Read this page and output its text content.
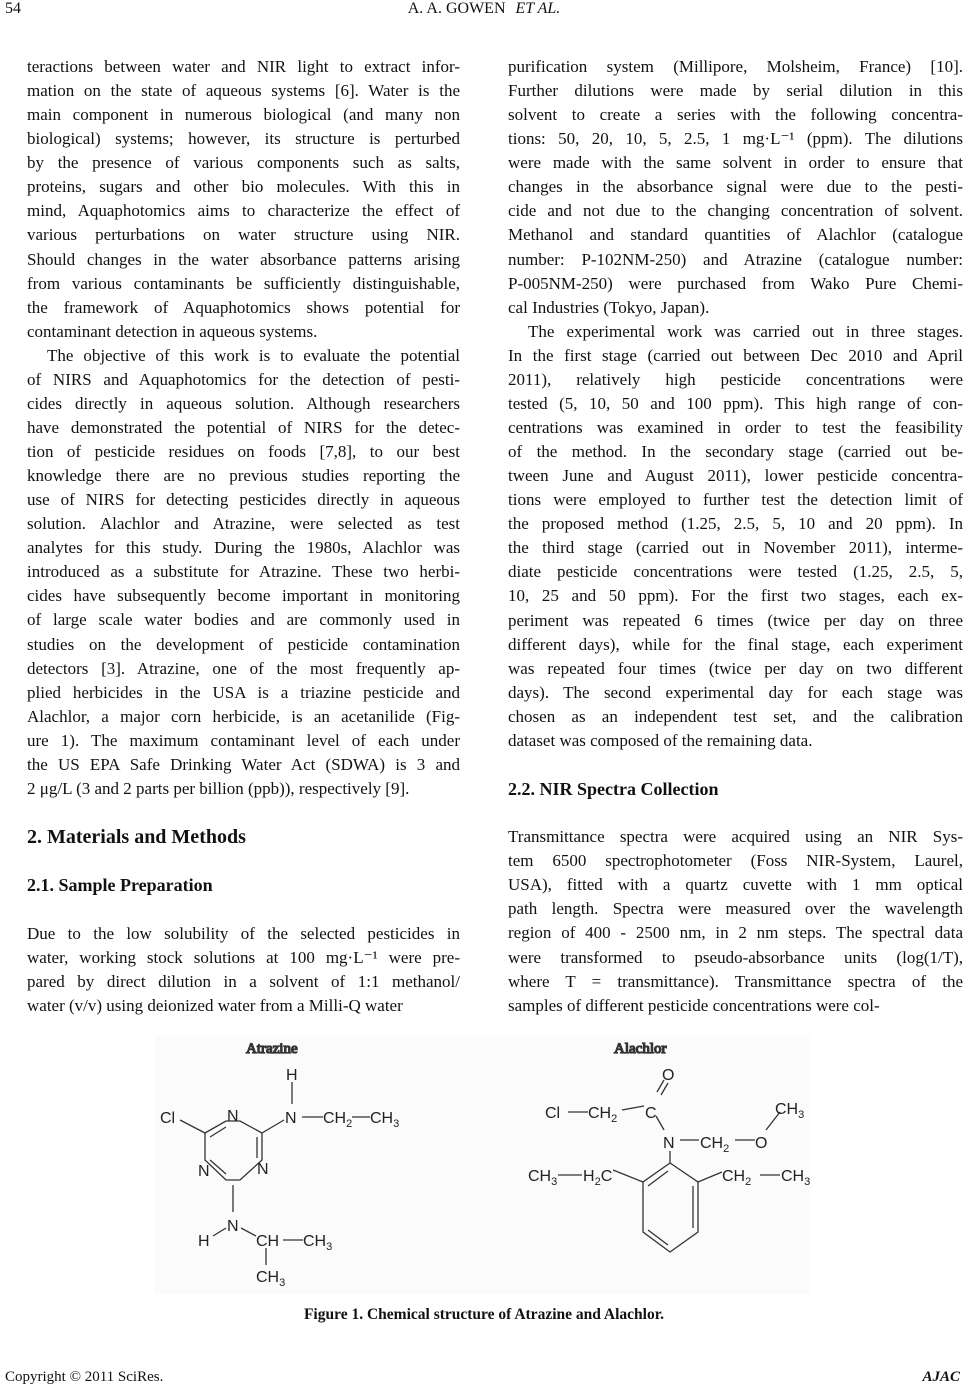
54	A. A. GOWEN ET AL.
teractions between water and NIR light to extract infor-
mation on the state of aqueous systems [6]. Water is the
main component in numerous biological (and many non
biological) systems; however, its structure is perturbed
by the presence of various components such as salts,
proteins, sugars and other bio molecules. With this in
mind, Aquaphotomics aims to characterize the effect of
various perturbations on water structure using NIR.
Should changes in the water absorbance patterns arising
from various contaminants be sufficiently distinguishable,
the framework of Aquaphotomics shows potential for
contaminant detection in aqueous systems.
The objective of this work is to evaluate the potential
of NIRS and Aquaphotomics for the detection of pesti-
cides directly in aqueous solution. Although researchers
have demonstrated the potential of NIRS for the detec-
tion of pesticide residues on foods [7,8], to our best
knowledge there are no previous studies reporting the
use of NIRS for detecting pesticides directly in aqueous
solution. Alachlor and Atrazine, were selected as test
analytes for this study. During the 1980s, Alachlor was
introduced as a substitute for Atrazine. These two herbi-
cides have subsequently become important in monitoring
of large scale water bodies and are commonly used in
studies on the development of pesticide contamination
detectors [3]. Atrazine, one of the most frequently ap-
plied herbicides in the USA is a triazine pesticide and
Alachlor, a major corn herbicide, is an acetanilide (Fig-
ure 1). The maximum contaminant level of each under
the US EPA Safe Drinking Water Act (SDWA) is 3 and
2 μg/L (3 and 2 parts per billion (ppb)), respectively [9].
2. Materials and Methods
2.1. Sample Preparation
Due to the low solubility of the selected pesticides in
water, working stock solutions at 100 mg·L⁻¹ were pre-
pared by direct dilution in a solvent of 1:1 methanol/
water (v/v) using deionized water from a Milli-Q water
purification system (Millipore, Molsheim, France) [10].
Further dilutions were made by serial dilution in this
solvent to create a series with the following concentra-
tions: 50, 20, 10, 5, 2.5, 1 mg·L⁻¹ (ppm). The dilutions
were made with the same solvent in order to ensure that
changes in the absorbance signal were due to the pesti-
cide and not due to the changing concentration of solvent.
Methanol and standard quantities of Alachlor (catalogue
number: P-102NM-250) and Atrazine (catalogue number:
P-005NM-250) were purchased from Wako Pure Chemi-
cal Industries (Tokyo, Japan).
The experimental work was carried out in three stages.
In the first stage (carried out between Dec 2010 and April
2011), relatively high pesticide concentrations were
tested (5, 10, 50 and 100 ppm). This high range of con-
centrations was examined in order to test the feasibility
of the method. In the secondary stage (carried out be-
tween June and August 2011), lower pesticide concentra-
tions were employed to further test the detection limit of
the proposed method (1.25, 2.5, 5, 10 and 20 ppm). In
the third stage (carried out in November 2011), interme-
diate pesticide concentrations were tested (1.25, 2.5, 5,
10, 25 and 50 ppm). For the first two stages, each ex-
periment was repeated 6 times (twice per day on three
different days), while for the final stage, each experiment
was repeated four times (twice per day on two different
days). The second experimental day for each stage was
chosen as an independent test set, and the calibration
dataset was composed of the remaining data.
2.2. NIR Spectra Collection
Transmittance spectra were acquired using an NIR Sys-
tem 6500 spectrophotometer (Foss NIR-System, Laurel,
USA), fitted with a quartz cuvette with 1 mm optical
path length. Spectra were measured over the wavelength
region of 400 - 2500 nm, in 2 nm steps. The spectral data
were transformed to pseudo-absorbance units (log(1/T),
where T = transmittance). Transmittance spectra of the
samples of different pesticide concentrations were col-
Atrazine	Alachlor
Cl	N	N
H
$CH_2$ $CH_3$
N	N
N
H	CH $CH_3$
$CH_3$
O
Cl $CH_2$ C
N $CH_2$ O
$CH_3$
$CH_3$ $H_2C$	$CH_2$ $CH_3$
Figure 1. Chemical structure of Atrazine and Alachlor.
Copyright © 2011 SciRes.	AJAC
